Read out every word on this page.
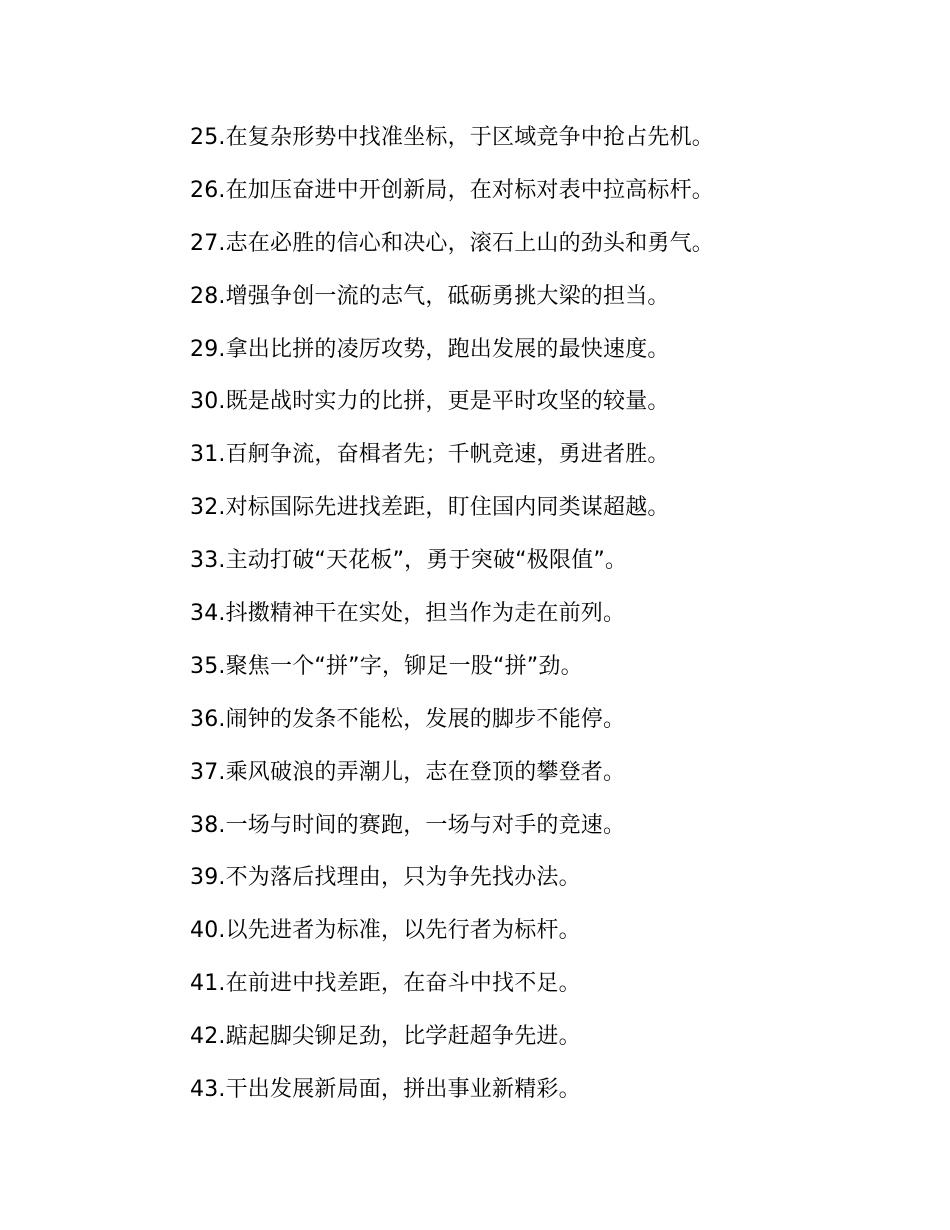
25.在复杂形势中找准坐标，于区域竞争中抢占先机。
26.在加压奋进中开创新局，在对标对表中拉高标杆。
27.志在必胜的信心和决心，滚石上山的劲头和勇气。
28.增强争创一流的志气，砥砺勇挑大梁的担当。
29.拿出比拼的凌厉攻势，跑出发展的最快速度。
30.既是战时实力的比拼，更是平时攻坚的较量。
31.百舸争流，奋楫者先；千帆竞速，勇进者胜。
32.对标国际先进找差距，盯住国内同类谋超越。
33.主动打破“天花板”，勇于突破“极限值”。
34.抖擞精神干在实处，担当作为走在前列。
35.聚焦一个“拼”字，铆足一股“拼”劲。
36.闹钟的发条不能松，发展的脚步不能停。
37.乘风破浪的弄潮儿，志在登顶的攀登者。
38.一场与时间的赛跑，一场与对手的竞速。
39.不为落后找理由，只为争先找办法。
40.以先进者为标准，以先行者为标杆。
41.在前进中找差距，在奋斗中找不足。
42.踮起脚尖铆足劲，比学赶超争先进。
43.干出发展新局面，拼出事业新精彩。
